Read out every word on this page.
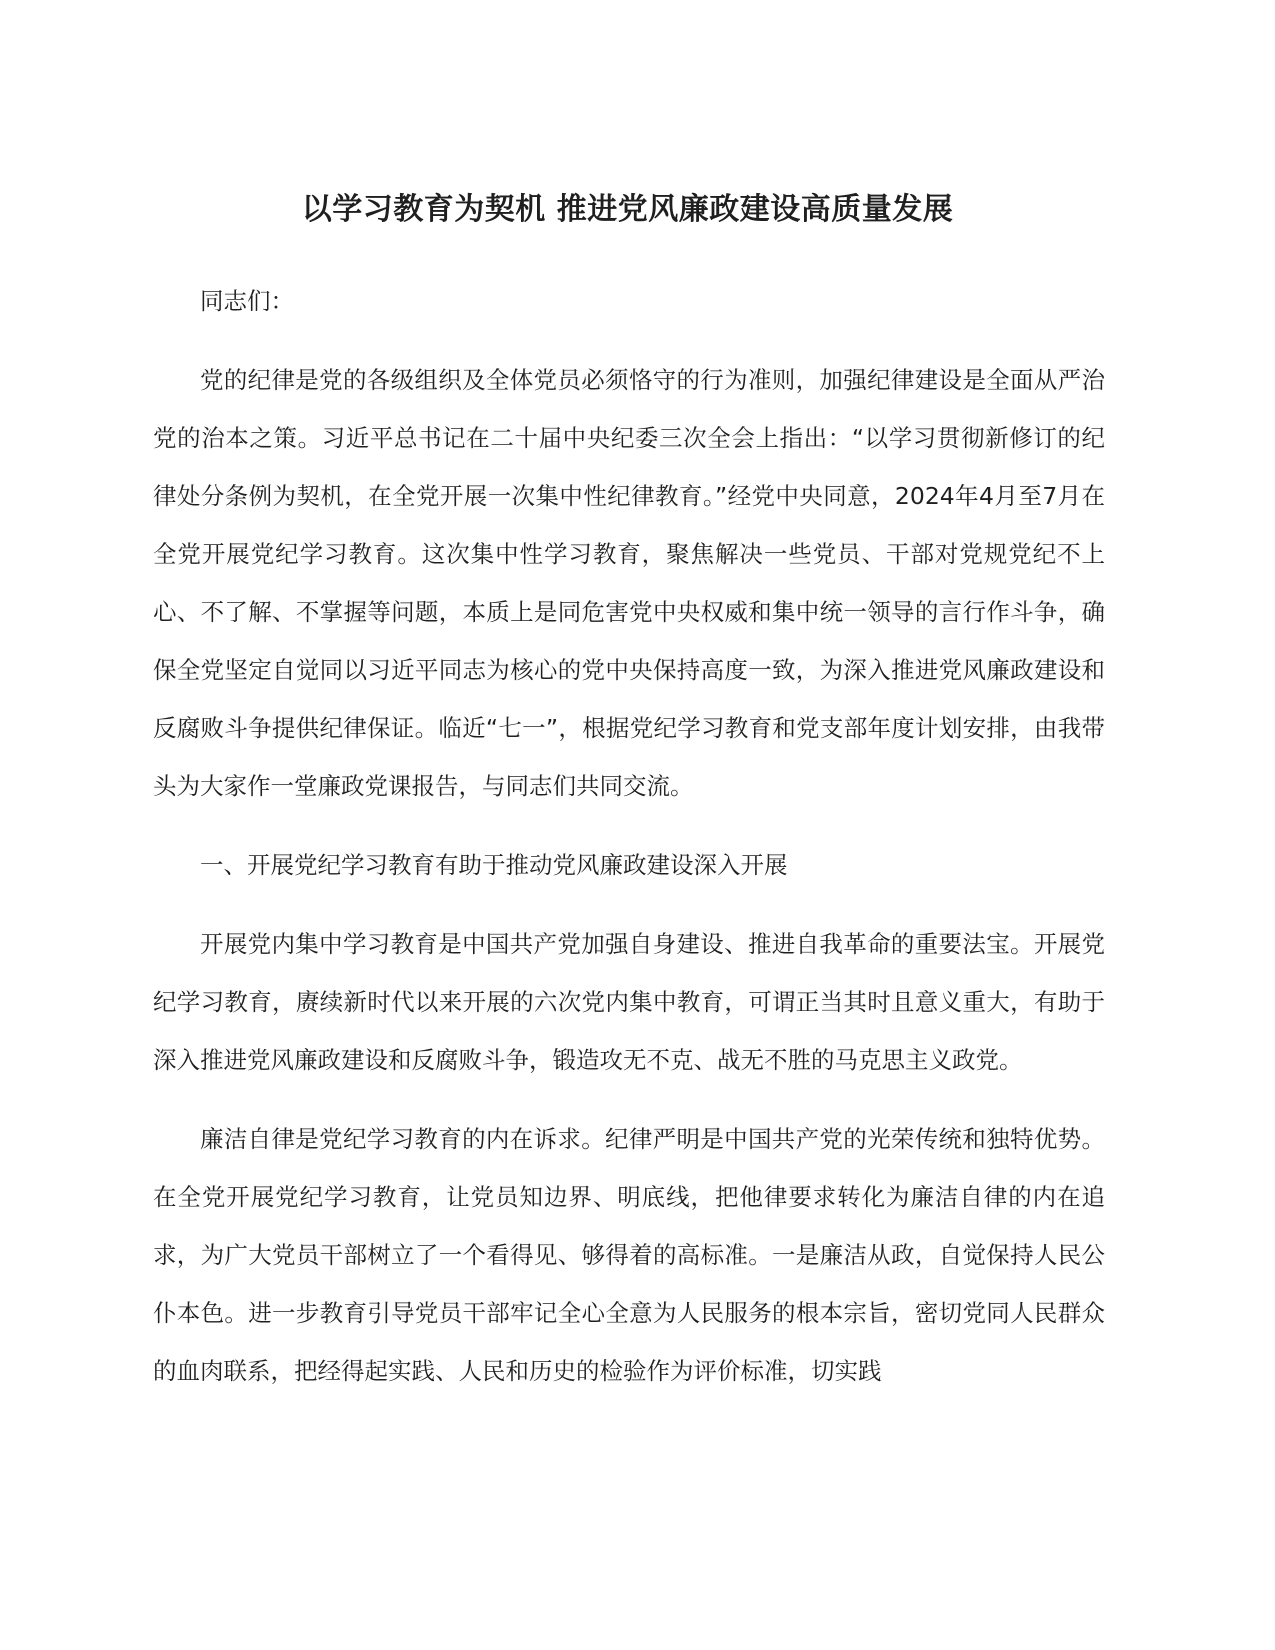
以学习教育为契机 推进党风廉政建设高质量发展

同志们：

党的纪律是党的各级组织及全体党员必须恪守的行为准则，加强纪律建设是全面从严治党的治本之策。习近平总书记在二十届中央纪委三次全会上指出：“以学习贯彻新修订的纪律处分条例为契机，在全党开展一次集中性纪律教育。”经党中央同意，2024年4月至7月在全党开展党纪学习教育。这次集中性学习教育，聚焦解决一些党员、干部对党规党纪不上心、不了解、不掌握等问题，本质上是同危害党中央权威和集中统一领导的言行作斗争，确保全党坚定自觉同以习近平同志为核心的党中央保持高度一致，为深入推进党风廉政建设和反腐败斗争提供纪律保证。临近“七一”，根据党纪学习教育和党支部年度计划安排，由我带头为大家作一堂廉政党课报告，与同志们共同交流。

一、开展党纪学习教育有助于推动党风廉政建设深入开展

开展党内集中学习教育是中国共产党加强自身建设、推进自我革命的重要法宝。开展党纪学习教育，赓续新时代以来开展的六次党内集中教育，可谓正当其时且意义重大，有助于深入推进党风廉政建设和反腐败斗争，锻造攻无不克、战无不胜的马克思主义政党。

廉洁自律是党纪学习教育的内在诉求。纪律严明是中国共产党的光荣传统和独特优势。在全党开展党纪学习教育，让党员知边界、明底线，把他律要求转化为廉洁自律的内在追求，为广大党员干部树立了一个看得见、够得着的高标准。一是廉洁从政，自觉保持人民公仆本色。进一步教育引导党员干部牢记全心全意为人民服务的根本宗旨，密切党同人民群众的血肉联系，把经得起实践、人民和历史的检验作为评价标准，切实践
